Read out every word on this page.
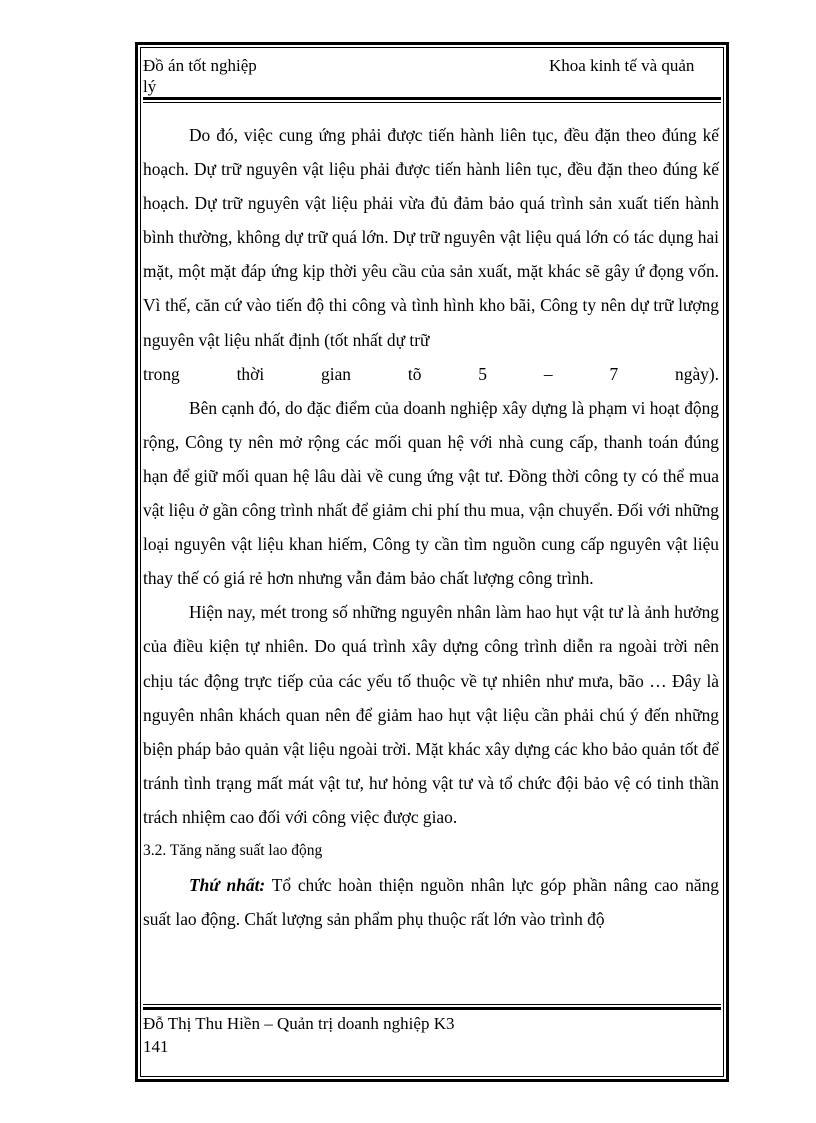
Đồ án tốt nghiệp	Khoa kinh tế và quản
lý

Do đó, việc cung ứng phải được tiến hành liên tục, đều đặn theo đúng kế hoạch. Dự trữ nguyên vật liệu phải được tiến hành liên tục, đều đặn theo đúng kế hoạch. Dự trữ nguyên vật liệu phải vừa đủ đảm bảo quá trình sản xuất tiến hành bình thường, không dự trữ quá lớn. Dự trữ nguyên vật liệu quá lớn có tác dụng hai mặt, một mặt đáp ứng kịp thời yêu cầu của sản xuất, mặt khác sẽ gây ứ đọng vốn. Vì thế, căn cứ vào tiến độ thi công và tình hình kho bãi, Công ty nên dự trữ lượng nguyên vật liệu nhất định (tốt nhất dự trữ

trong thời gian tõ 5 – 7 ngày).

Bên cạnh đó, do đặc điểm của doanh nghiệp xây dựng là phạm vi hoạt động rộng, Công ty nên mở rộng các mối quan hệ với nhà cung cấp, thanh toán đúng hạn để giữ mối quan hệ lâu dài về cung ứng vật tư. Đồng thời công ty có thể mua vật liệu ở gần công trình nhất để giảm chi phí thu mua, vận chuyển. Đối với những loại nguyên vật liệu khan hiếm, Công ty cần tìm nguồn cung cấp nguyên vật liệu thay thế có giá rẻ hơn nhưng vẫn đảm bảo chất lượng công trình.

Hiện nay, mét trong số những nguyên nhân làm hao hụt vật tư là ảnh hưởng của điều kiện tự nhiên. Do quá trình xây dựng công trình diễn ra ngoài trời nên chịu tác động trực tiếp của các yếu tố thuộc về tự nhiên như mưa, bão … Đây là nguyên nhân khách quan nên để giảm hao hụt vật liệu cần phải chú ý đến những biện pháp bảo quản vật liệu ngoài trời. Mặt khác xây dựng các kho bảo quản tốt để tránh tình trạng mất mát vật tư, hư hỏng vật tư và tổ chức đội bảo vệ có tinh thần trách nhiệm cao đối với công việc được giao.

3.2. Tăng năng suất lao động

Thứ nhất: Tổ chức hoàn thiện nguồn nhân lực góp phần nâng cao năng suất lao động. Chất lượng sản phẩm phụ thuộc rất lớn vào trình độ

Đỗ Thị Thu Hiền – Quản trị doanh nghiệp K3
141
